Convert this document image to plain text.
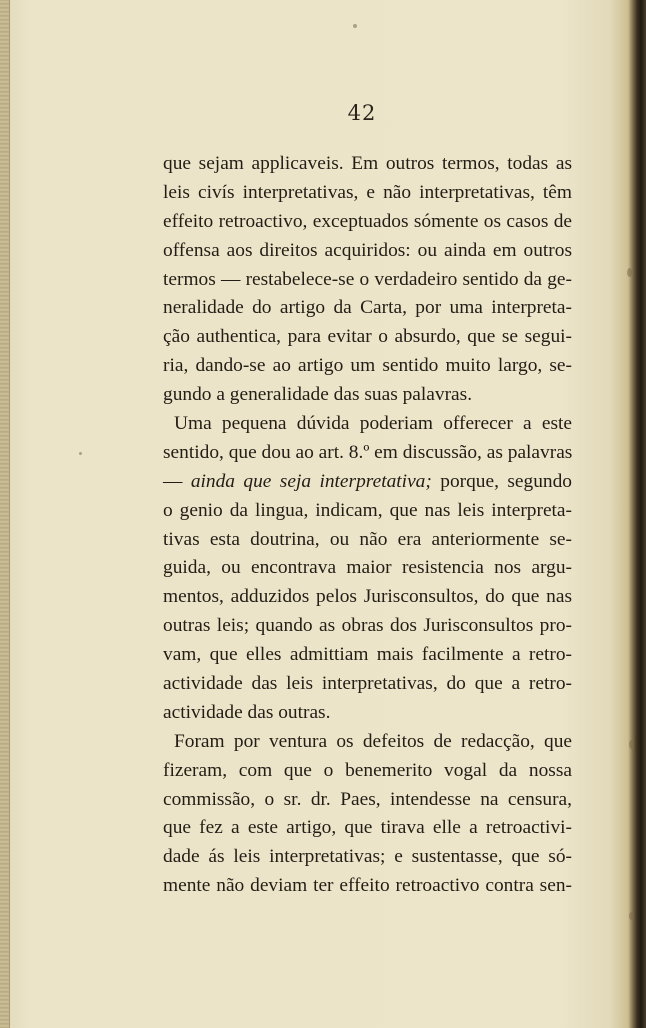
42

que sejam applicaveis. Em outros termos, todas as
leis civís interpretativas, e não interpretativas, têm
effeito retroactivo, exceptuados sómente os casos de
offensa aos direitos acquiridos: ou ainda em outros
termos — restabelece-se o verdadeiro sentido da ge-
neralidade do artigo da Carta, por uma interpreta-
ção authentica, para evitar o absurdo, que se segui-
ria, dando-se ao artigo um sentido muito largo, se-
gundo a generalidade das suas palavras.

Uma pequena dúvida poderiam offerecer a este
sentido, que dou ao art. 8.º em discussão, as palavras
— ainda que seja interpretativa; porque, segundo
o genio da lingua, indicam, que nas leis interpreta-
tivas esta doutrina, ou não era anteriormente se-
guida, ou encontrava maior resistencia nos argu-
mentos, adduzidos pelos Jurisconsultos, do que nas
outras leis; quando as obras dos Jurisconsultos pro-
vam, que elles admittiam mais facilmente a retro-
actividade das leis interpretativas, do que a retro-
actividade das outras.

Foram por ventura os defeitos de redacção, que
fizeram, com que o benemerito vogal da nossa
commissão, o sr. dr. Paes, intendesse na censura,
que fez a este artigo, que tirava elle a retroactivi-
dade ás leis interpretativas; e sustentasse, que só-
mente não deviam ter effeito retroactivo contra sen-
